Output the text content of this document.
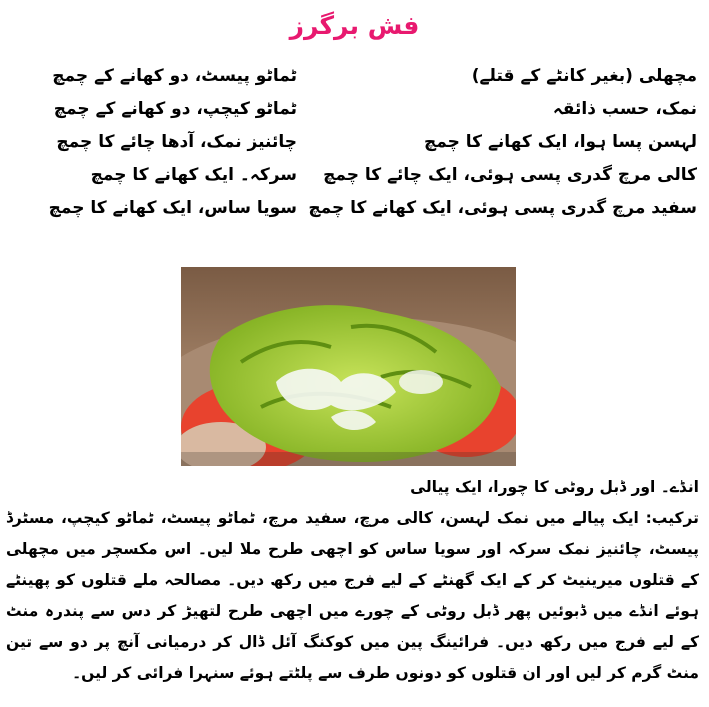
فش برگرز
مچھلی (بغیر کانٹے کے قتلے)
نمک، حسب ذائقہ
لہسن پسا ہوا، ایک کھانے کا چمچ
کالی مرچ گدری پسی ہوئی، ایک چائے کا چمچ
سفید مرچ گدری پسی ہوئی، ایک کھانے کا چمچ
ٹماٹو پیسٹ، دو کھانے کے چمچ
ٹماٹو کیچپ، دو کھانے کے چمچ
چائنیز نمک، آدھا چائے کا چمچ
سرکہ۔ ایک کھانے کا چمچ
سویا ساس، ایک کھانے کا چمچ

انڈے۔ اور ڈبل روٹی کا چورا، ایک پیالی

ترکیب: ایک پیالے میں نمک لہسن، کالی مرچ، سفید مرچ، ٹماٹو پیسٹ، ٹماٹو کیچپ، مسٹرڈ پیسٹ، چائنیز نمک سرکہ اور سویا ساس کو اچھی طرح ملا لیں۔ اس مکسچر میں مچھلی کے قتلوں میرینیٹ کر کے ایک گھنٹے کے لیے فرج میں رکھ دیں۔ مصالحہ ملے قتلوں کو پھینٹے ہوئے انڈے میں ڈبوئیں پھر ڈبل روٹی کے چورے میں اچھی طرح لتھیڑ کر دس سے پندرہ منٹ کے لیے فرج میں رکھ دیں۔ فرائینگ پین میں کوکنگ آئل ڈال کر درمیانی آنچ پر دو سے تین منٹ گرم کر لیں اور ان قتلوں کو دونوں طرف سے پلٹتے ہوئے سنہرا فرائی کر لیں۔
